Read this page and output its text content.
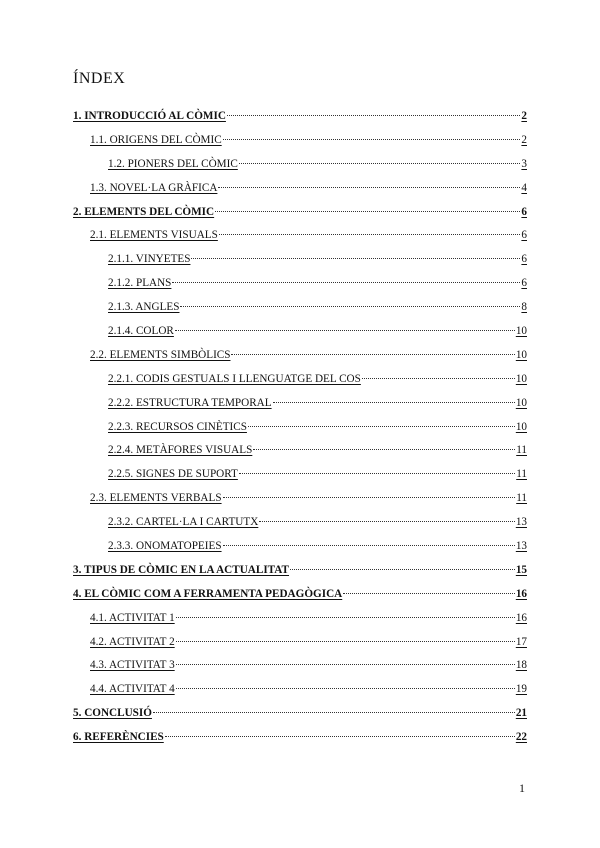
ÍNDEX
1. INTRODUCCIÓ AL CÒMIC	2
1.1. ORIGENS DEL CÒMIC	2
1.2. PIONERS DEL CÒMIC	3
1.3. NOVEL·LA GRÀFICA	4
2. ELEMENTS DEL CÒMIC	6
2.1. ELEMENTS VISUALS	6
2.1.1. VINYETES	6
2.1.2. PLANS	6
2.1.3. ANGLES	8
2.1.4. COLOR	10
2.2. ELEMENTS SIMBÒLICS	10
2.2.1. CODIS GESTUALS I LLENGUATGE DEL COS	10
2.2.2. ESTRUCTURA TEMPORAL	10
2.2.3. RECURSOS CINÈTICS	10
2.2.4. METÀFORES VISUALS	11
2.2.5. SIGNES DE SUPORT	11
2.3. ELEMENTS VERBALS	11
2.3.2. CARTEL·LA I CARTUTX	13
2.3.3. ONOMATOPEIES	13
3. TIPUS DE CÒMIC EN LA ACTUALITAT	15
4. EL CÒMIC COM A FERRAMENTA PEDAGÒGICA	16
4.1. ACTIVITAT 1	16
4.2. ACTIVITAT 2	17
4.3. ACTIVITAT 3	18
4.4. ACTIVITAT 4	19
5. CONCLUSIÓ	21
6. REFERÈNCIES	22
1
